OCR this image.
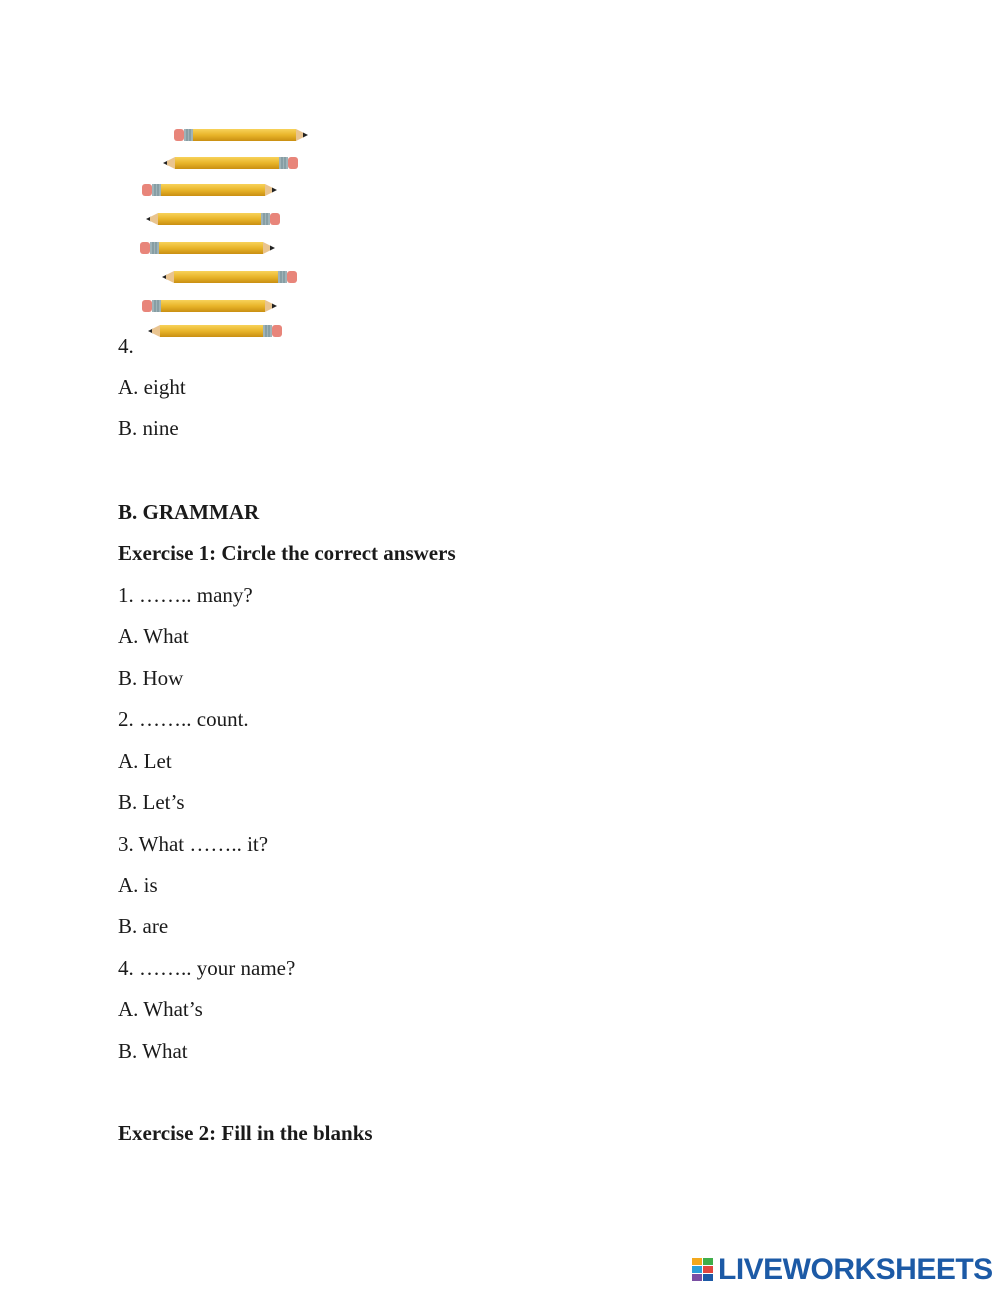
4.
A. eight
B. nine
B. GRAMMAR
Exercise 1: Circle the correct answers
1. …….. many?
A. What
B. How
2. …….. count.
A. Let
B. Let’s
3. What …….. it?
A. is
B. are
4. …….. your name?
A. What’s
B. What
Exercise 2: Fill in the blanks
LIVEWORKSHEETS
